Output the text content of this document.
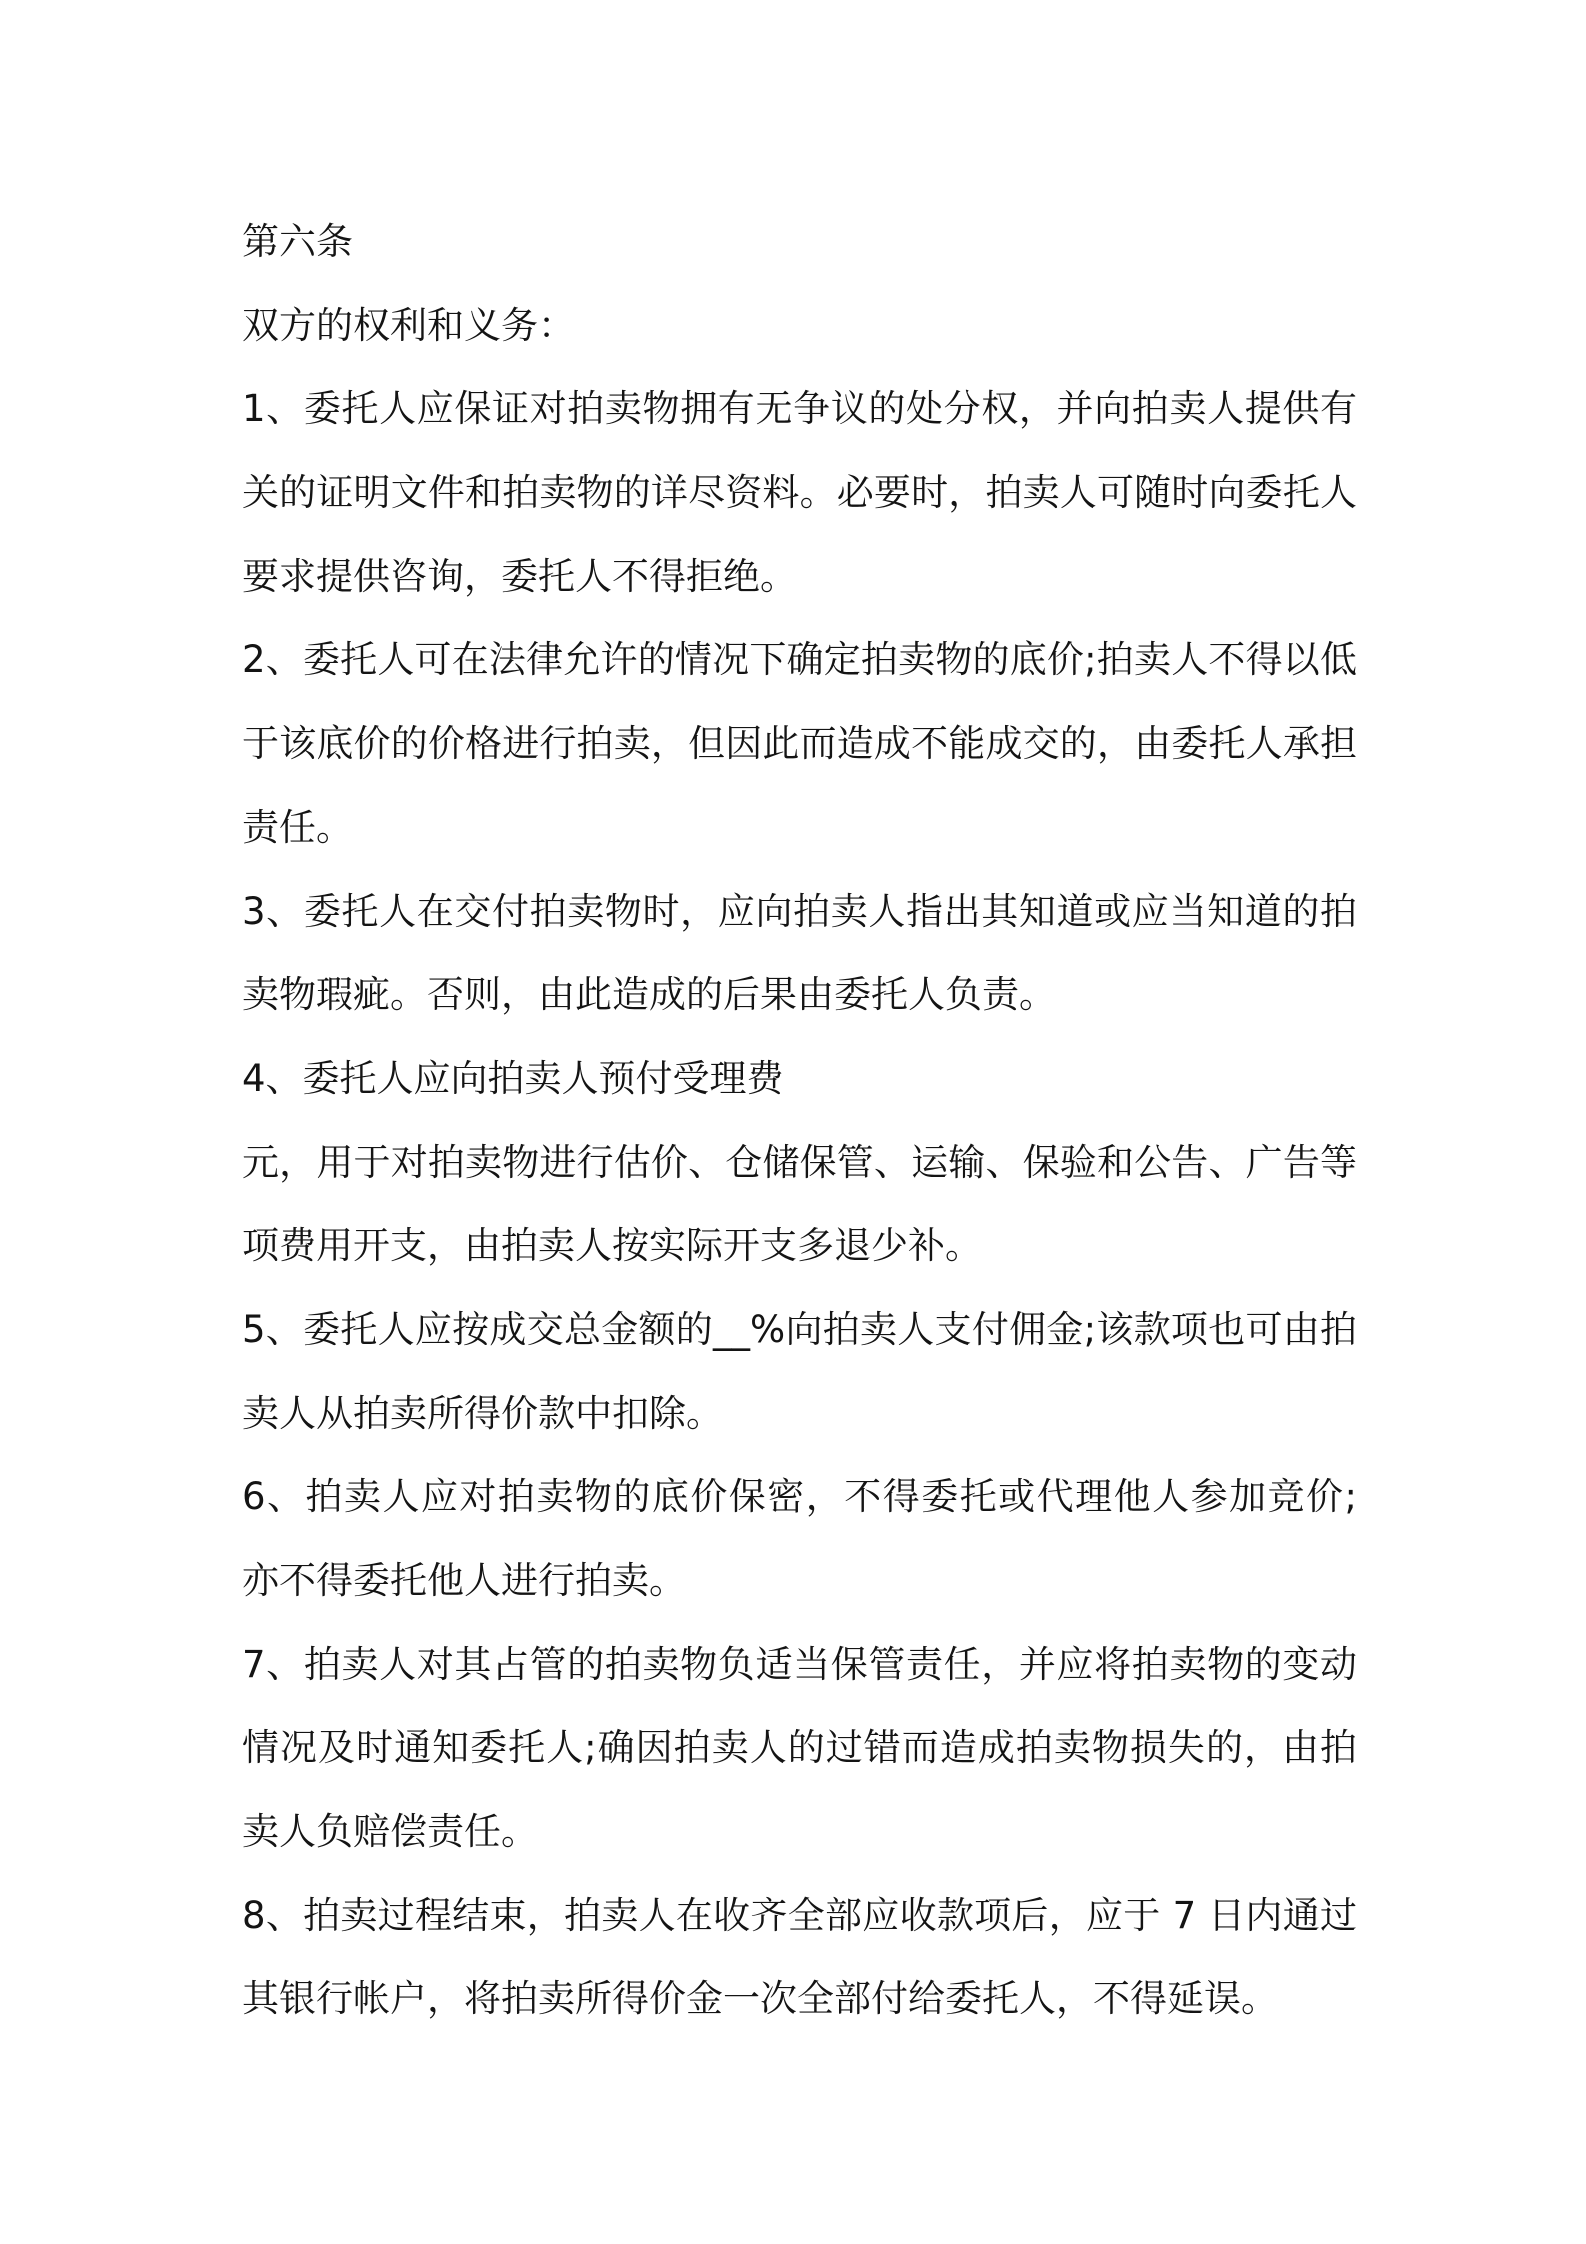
第六条
双方的权利和义务：
1、委托人应保证对拍卖物拥有无争议的处分权，并向拍卖人提供有
关的证明文件和拍卖物的详尽资料。必要时，拍卖人可随时向委托人
要求提供咨询，委托人不得拒绝。
2、委托人可在法律允许的情况下确定拍卖物的底价;拍卖人不得以低
于该底价的价格进行拍卖，但因此而造成不能成交的，由委托人承担
责任。
3、委托人在交付拍卖物时，应向拍卖人指出其知道或应当知道的拍
卖物瑕疵。否则，由此造成的后果由委托人负责。
4、委托人应向拍卖人预付受理费
元，用于对拍卖物进行估价、仓储保管、运输、保验和公告、广告等
项费用开支，由拍卖人按实际开支多退少补。
5、委托人应按成交总金额的__%向拍卖人支付佣金;该款项也可由拍
卖人从拍卖所得价款中扣除。
6、拍卖人应对拍卖物的底价保密，不得委托或代理他人参加竞价;
亦不得委托他人进行拍卖。
7、拍卖人对其占管的拍卖物负适当保管责任，并应将拍卖物的变动
情况及时通知委托人;确因拍卖人的过错而造成拍卖物损失的，由拍
卖人负赔偿责任。
8、拍卖过程结束，拍卖人在收齐全部应收款项后，应于 7 日内通过
其银行帐户，将拍卖所得价金一次全部付给委托人，不得延误。
